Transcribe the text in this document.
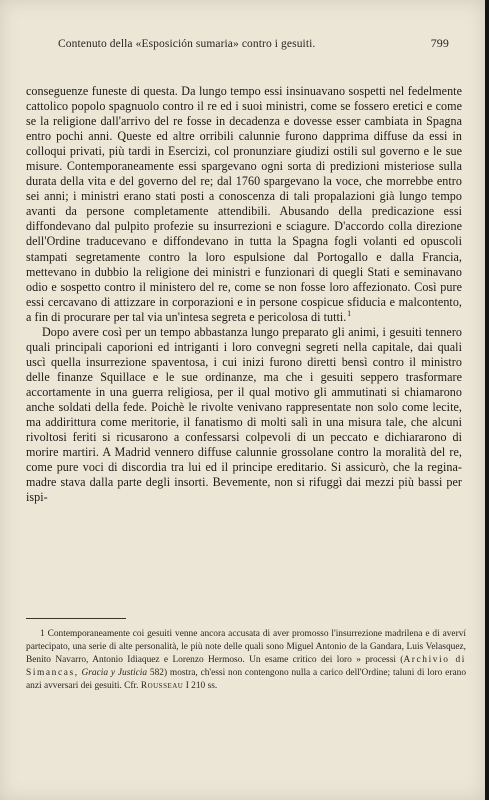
Contenuto della «Esposición sumaria» contro i gesuiti.	799

conseguenze funeste di questa. Da lungo tempo essi insinuavano sospetti nel fedelmente cattolico popolo spagnuolo contro il re ed i suoi ministri, come se fossero eretici e come se la religione dall'arrivo del re fosse in decadenza e dovesse esser cambiata in Spagna entro pochi anni. Queste ed altre orribili calunnie furono dapprima diffuse da essi in colloqui privati, più tardi in Esercizi, col pronunziare giudizi ostili sul governo e le sue misure. Contemporaneamente essi spargevano ogni sorta di predizioni misteriose sulla durata della vita e del governo del re; dal 1760 spargevano la voce, che morrebbe entro sei anni; i ministri erano stati posti a conoscenza di tali propalazioni già lungo tempo avanti da persone completamente attendibili. Abusando della predicazione essi diffondevano dal pulpito profezie su insurrezioni e sciagure. D'accordo colla direzione dell'Ordine traducevano e diffondevano in tutta la Spagna fogli volanti ed opuscoli stampati segretamente contro la loro espulsione dal Portogallo e dalla Francia, mettevano in dubbio la religione dei ministri e funzionari di quegli Stati e seminavano odio e sospetto contro il ministero del re, come se non fosse loro affezionato. Così pure essi cercavano di attizzare in corporazioni e in persone cospicue sfiducia e malcontento, a fin di procurare per tal via un'intesa segreta e pericolosa di tutti. $^1$

Dopo avere così per un tempo abbastanza lungo preparato gli animi, i gesuiti tennero quali principali caporioni ed intriganti i loro convegni segreti nella capitale, dai quali uscì quella insurrezione spaventosa, i cui inizi furono diretti bensì contro il ministro delle finanze Squillace e le sue ordinanze, ma che i gesuiti seppero trasformare accortamente in una guerra religiosa, per il qual motivo gli ammutinati si chiamarono anche soldati della fede. Poichè le rivolte venivano rappresentate non solo come lecite, ma addirittura come meritorie, il fanatismo di molti salì in una misura tale, che alcuni rivoltosi feriti si ricusarono a confessarsi colpevoli di un peccato e dichiararono di morire martiri. A Madrid vennero diffuse calunnie grossolane contro la moralità del re, come pure voci di discordia tra lui ed il principe ereditario. Si assicurò, che la regina-madre stava dalla parte degli insorti. Bevemente, non si rifuggì dai mezzi più bassi per ispi-

1 Contemporaneamente coi gesuiti venne ancora accusata di aver promosso l'insurrezione madrilena e di averví partecipato, una serie di alte personalità, le più note delle quali sono Miguel Antonio de la Gandara, Luis Velasquez, Benito Navarro, Antonio Idiaquez e Lorenzo Hermoso. Un esame critico dei loro » processi (Archivio di Simancas, Gracia y Justicia 582) mostra, ch'essi non contengono nulla a carico dell'Ordine; taluni di loro erano anzi avversari dei gesuiti. Cfr. Rousseau I 210 ss.
